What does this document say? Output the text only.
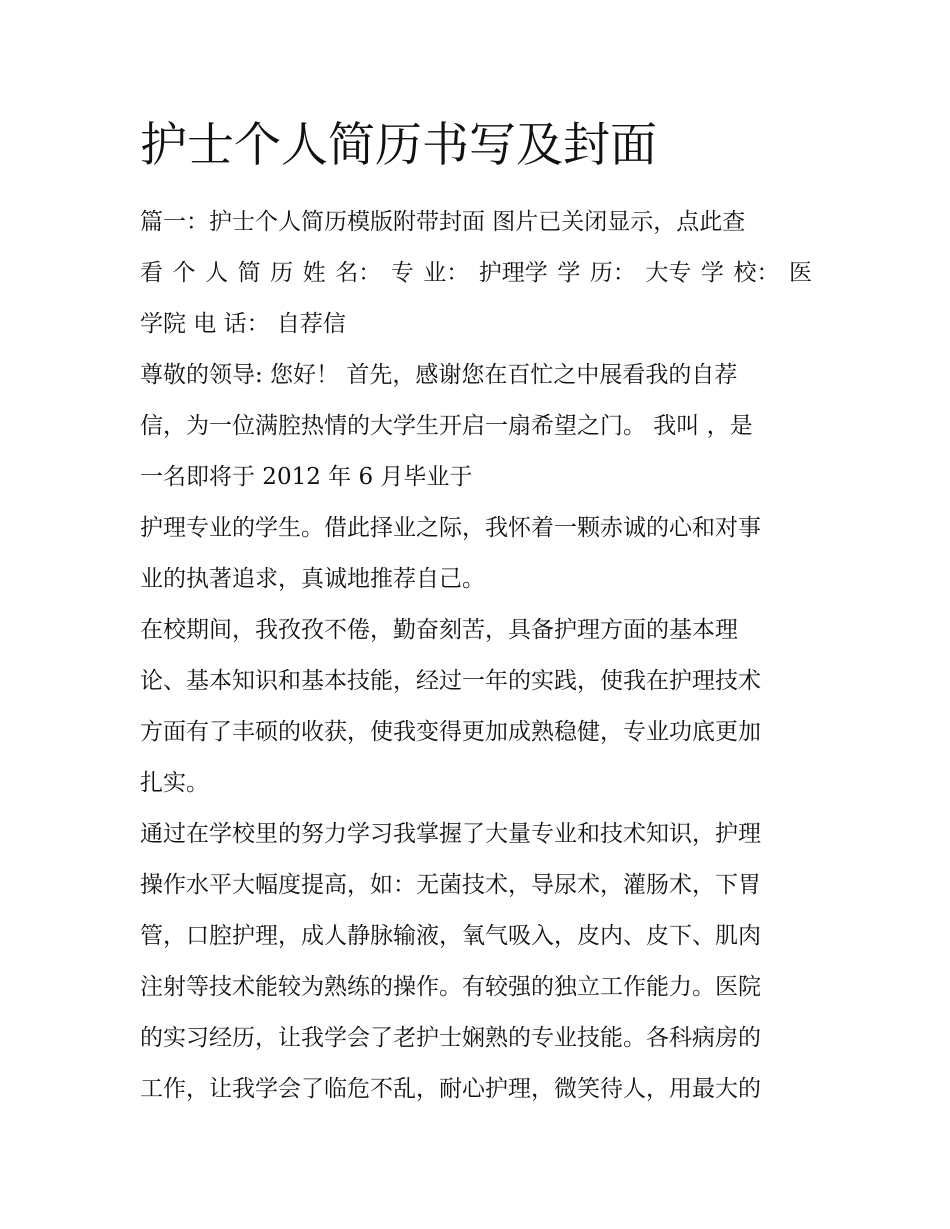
护士个人简历书写及封面
篇一：护士个人简历模版附带封面 图片已关闭显示，点此查
看 个 人 简 历 姓 名： 专 业： 护理学 学 历： 大专 学 校： 医
学院 电 话： 自荐信
尊敬的领导: 您好！ 首先，感谢您在百忙之中展看我的自荐
信，为一位满腔热情的大学生开启一扇希望之门。 我叫 ，是
一名即将于 2012 年 6 月毕业于
护理专业的学生。借此择业之际，我怀着一颗赤诚的心和对事
业的执著追求，真诚地推荐自己。
在校期间，我孜孜不倦，勤奋刻苦，具备护理方面的基本理
论、基本知识和基本技能，经过一年的实践，使我在护理技术
方面有了丰硕的收获，使我变得更加成熟稳健，专业功底更加
扎实。
通过在学校里的努力学习我掌握了大量专业和技术知识，护理
操作水平大幅度提高，如：无菌技术，导尿术，灌肠术，下胃
管，口腔护理，成人静脉输液，氧气吸入，皮内、皮下、肌肉
注射等技术能较为熟练的操作。有较强的独立工作能力。医院
的实习经历，让我学会了老护士娴熟的专业技能。各科病房的
工作，让我学会了临危不乱，耐心护理，微笑待人，用最大的
